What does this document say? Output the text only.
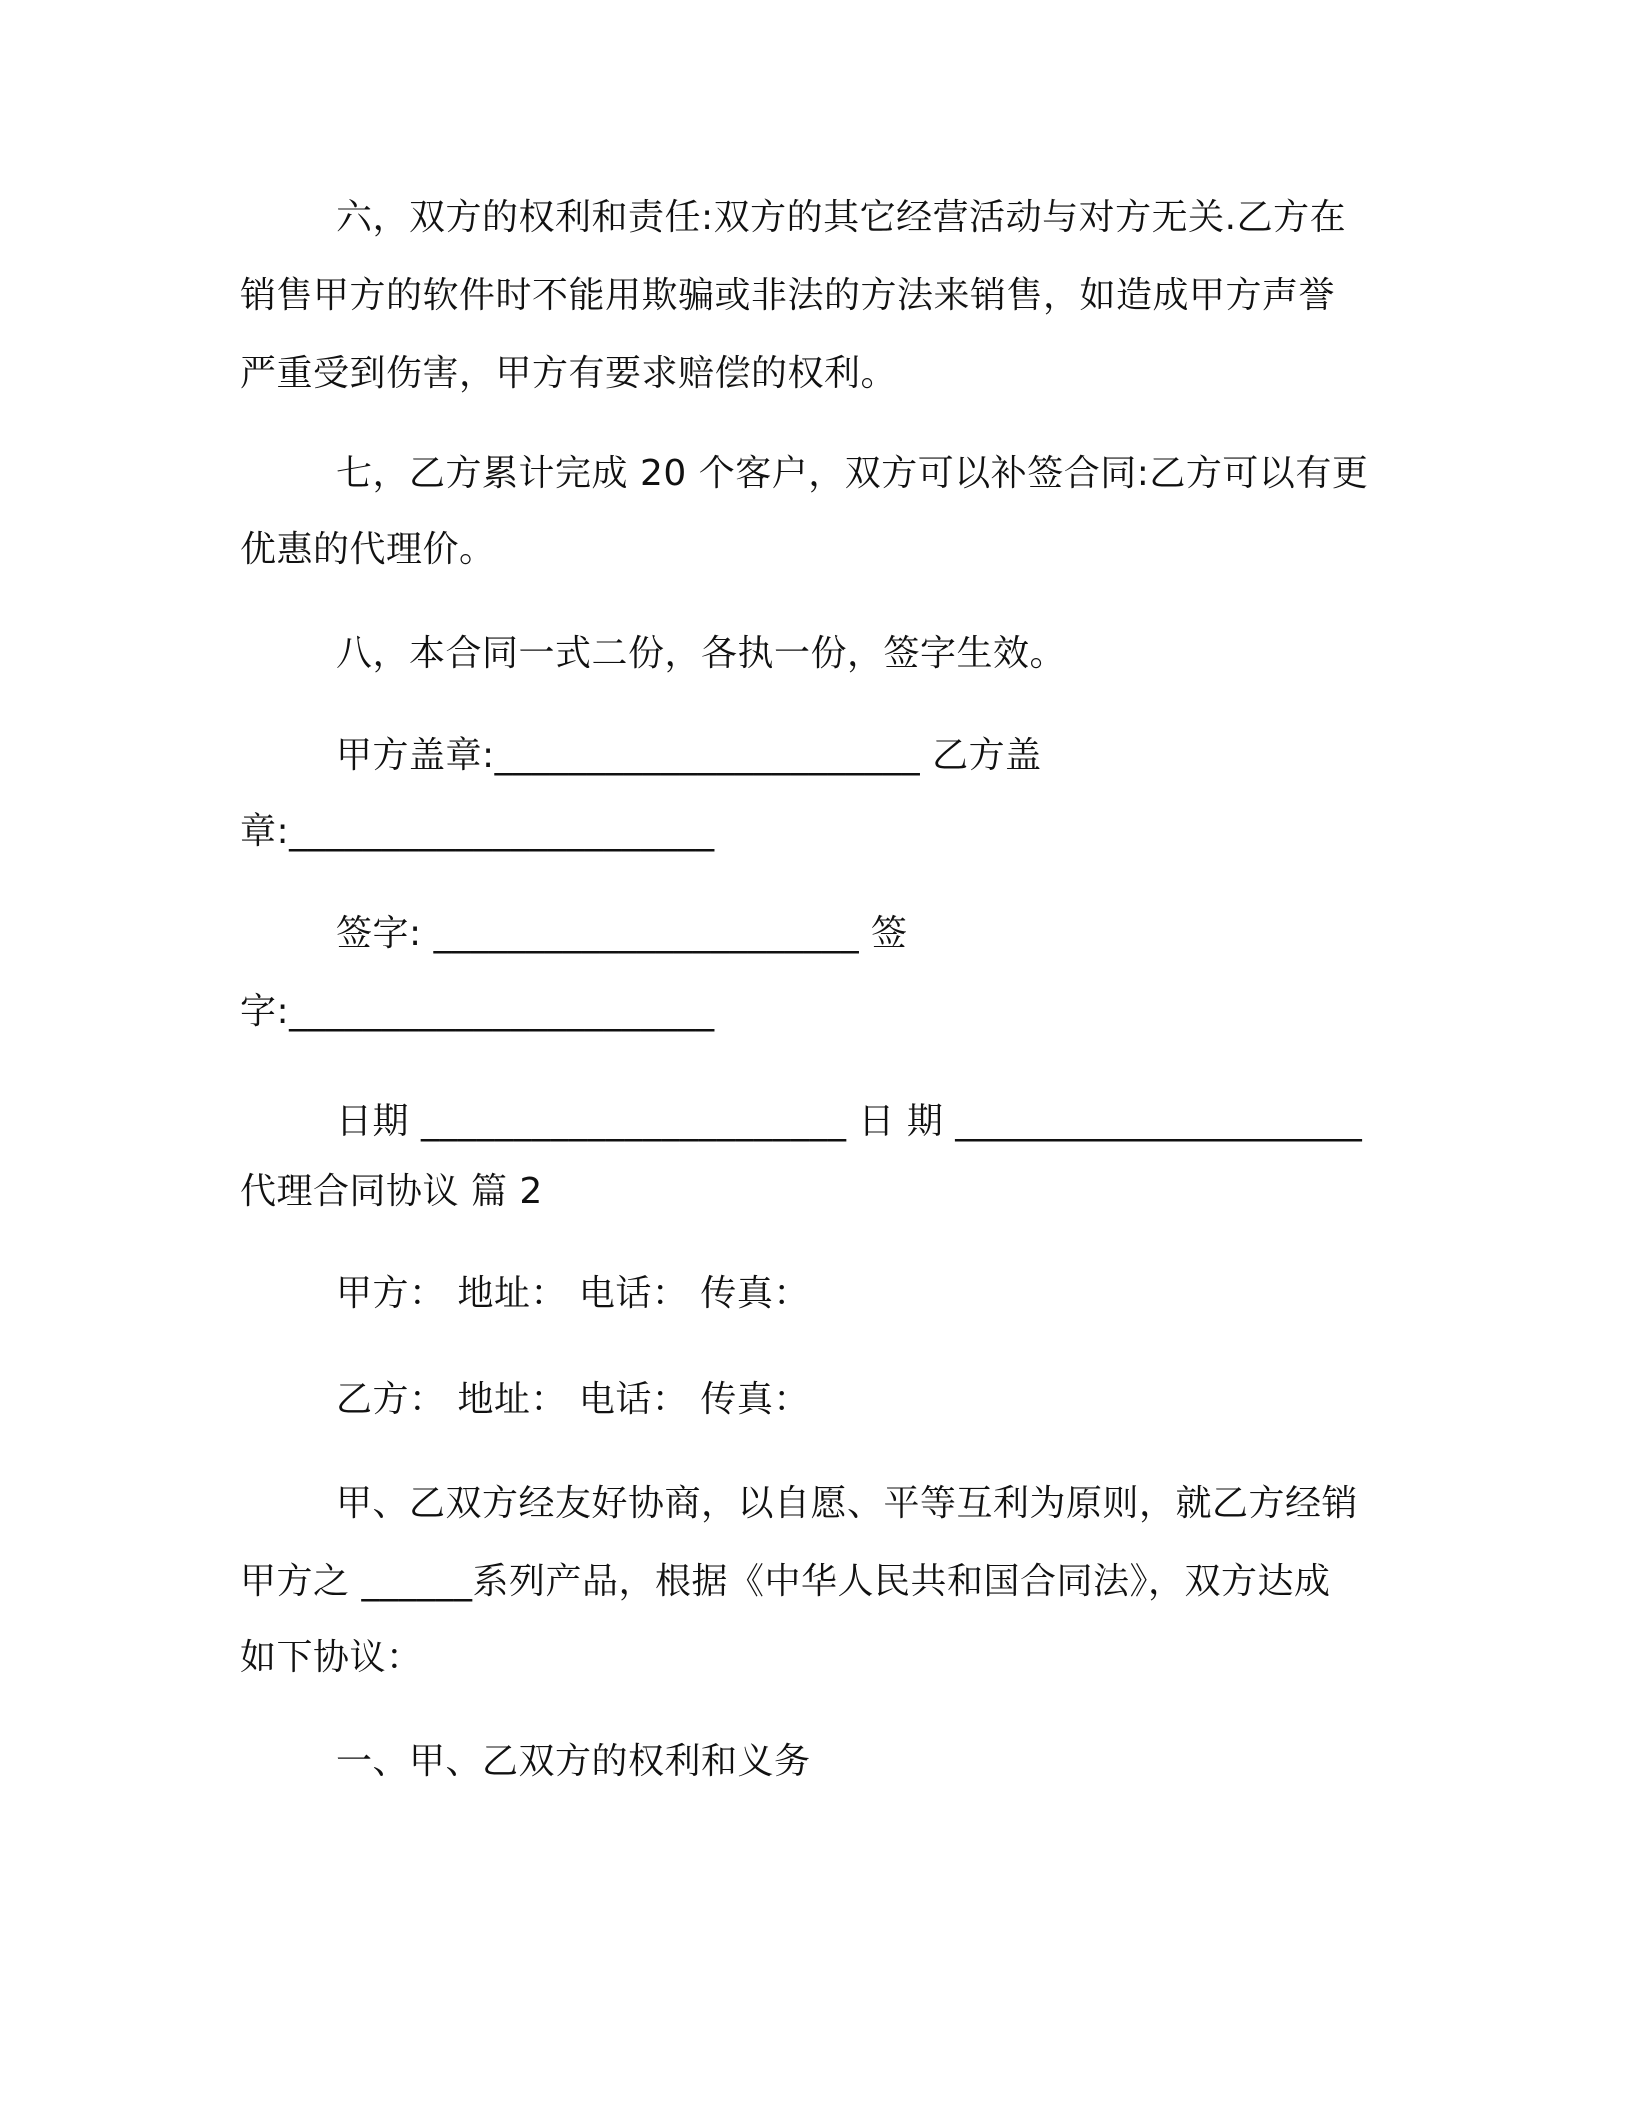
六，双方的权利和责任:双方的其它经营活动与对方无关.乙方在
销售甲方的软件时不能用欺骗或非法的方法来销售，如造成甲方声誉
严重受到伤害，甲方有要求赔偿的权利。
七，乙方累计完成 20 个客户，双方可以补签合同:乙方可以有更
优惠的代理价。
八，本合同一式二份，各执一份，签字生效。
甲方盖章:_______________________ 乙方盖
章:_______________________
签字: _______________________ 签
字:_______________________
日期 _______________________ 日 期 ______________________
代理合同协议 篇 2
甲方： 地址： 电话： 传真：
乙方： 地址： 电话： 传真：
甲、乙双方经友好协商，以自愿、平等互利为原则，就乙方经销
甲方之 ______系列产品，根据《中华人民共和国合同法》，双方达成
如下协议：
一、甲、乙双方的权利和义务
